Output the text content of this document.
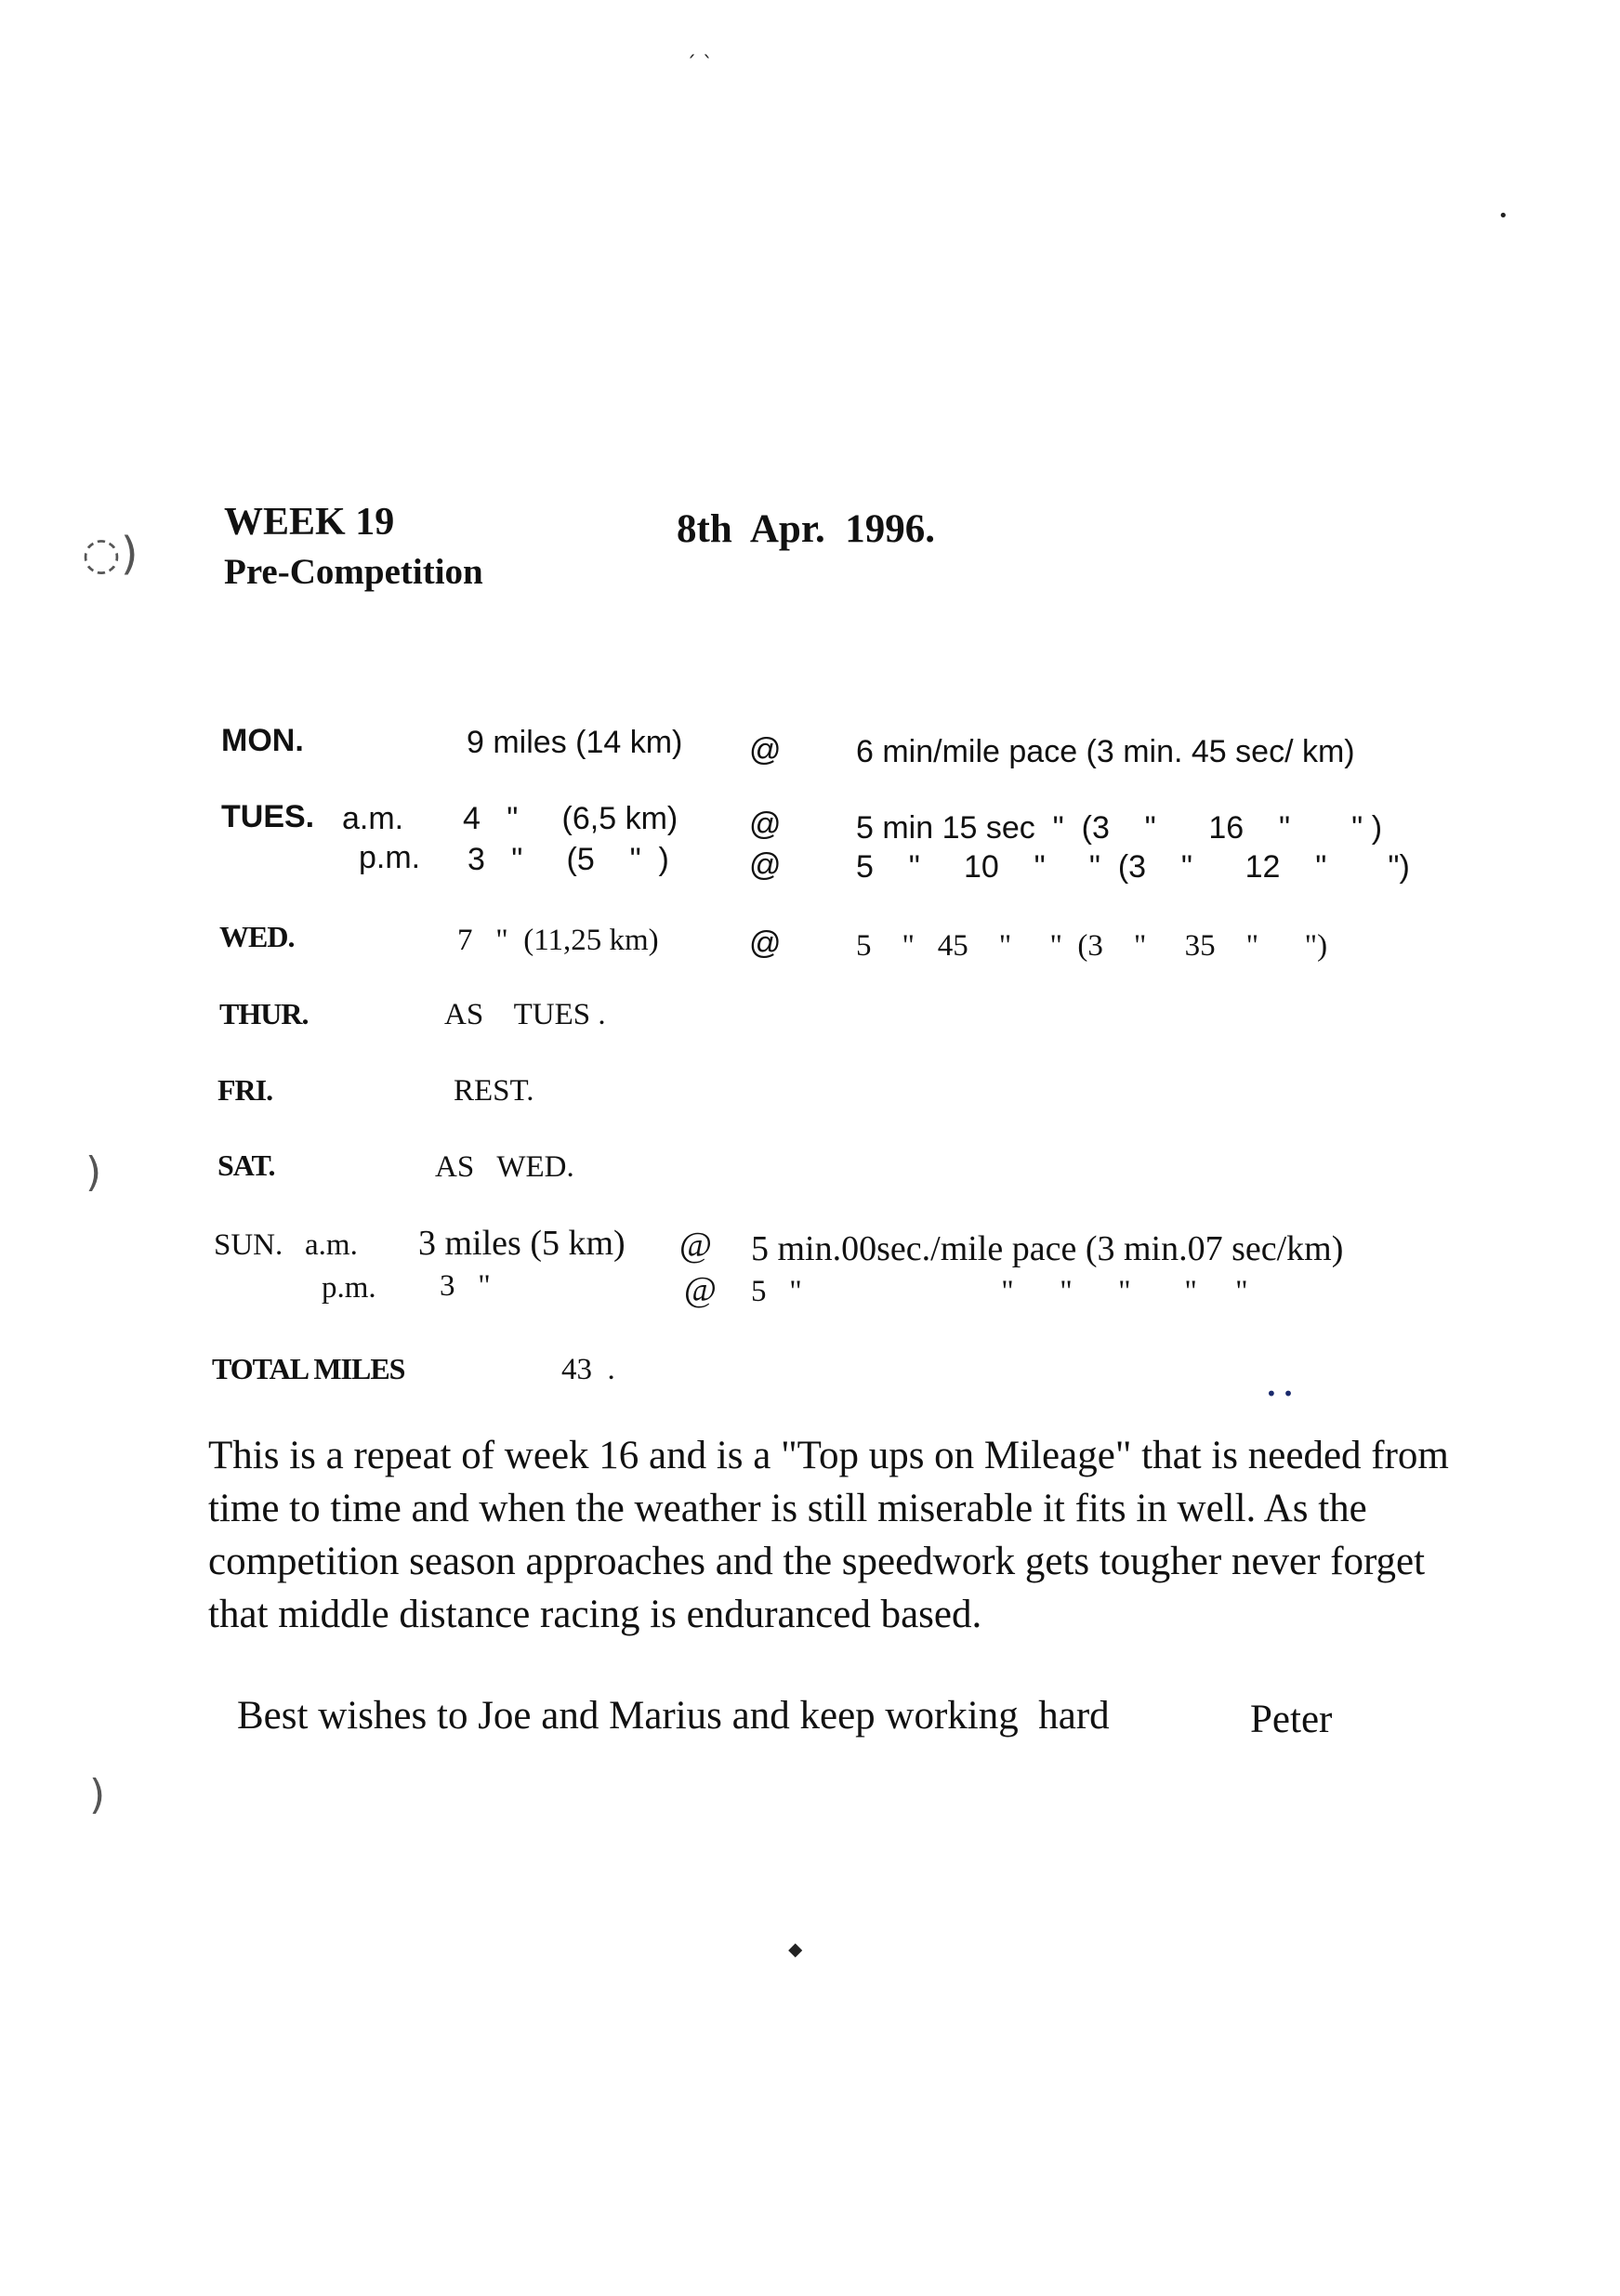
WEEK 19
Pre-Competition
8th  Apr.  1996.
MON.	9 miles (14 km) @ 6 min/mile pace (3 min. 45 sec/ km)
TUES. a.m. 4   "     (6,5 km) @ 5 min 15 sec  "  (3    "      16    "       " )
p.m. 3   "     (5    "  )	@ 5    "     10    "     "  (3    "      12    "       ")
WED.	7   "  (11,25 km)	@ 5    "   45    "     "  (3    "     35    "      ")
THUR.	AS    TUES .
FRI.	REST.
SAT.	AS   WED.
SUN. a.m. 3 miles (5 km) @ 5 min.00sec./mile pace (3 min.07 sec/km)
p.m. 3   "	@ 5   "                          "      "      "       "     "
TOTAL MILES	43  .

This is a repeat of week 16 and is a "Top ups on Mileage" that is needed from time to time and when the weather is still miserable it fits in well. As the competition season approaches and the speedwork gets tougher never forget that middle distance racing is enduranced based.

Best wishes to Joe and Marius and keep working  hard	Peter
ˏ ˎ
•
◌)
)
)
• •
⬥
